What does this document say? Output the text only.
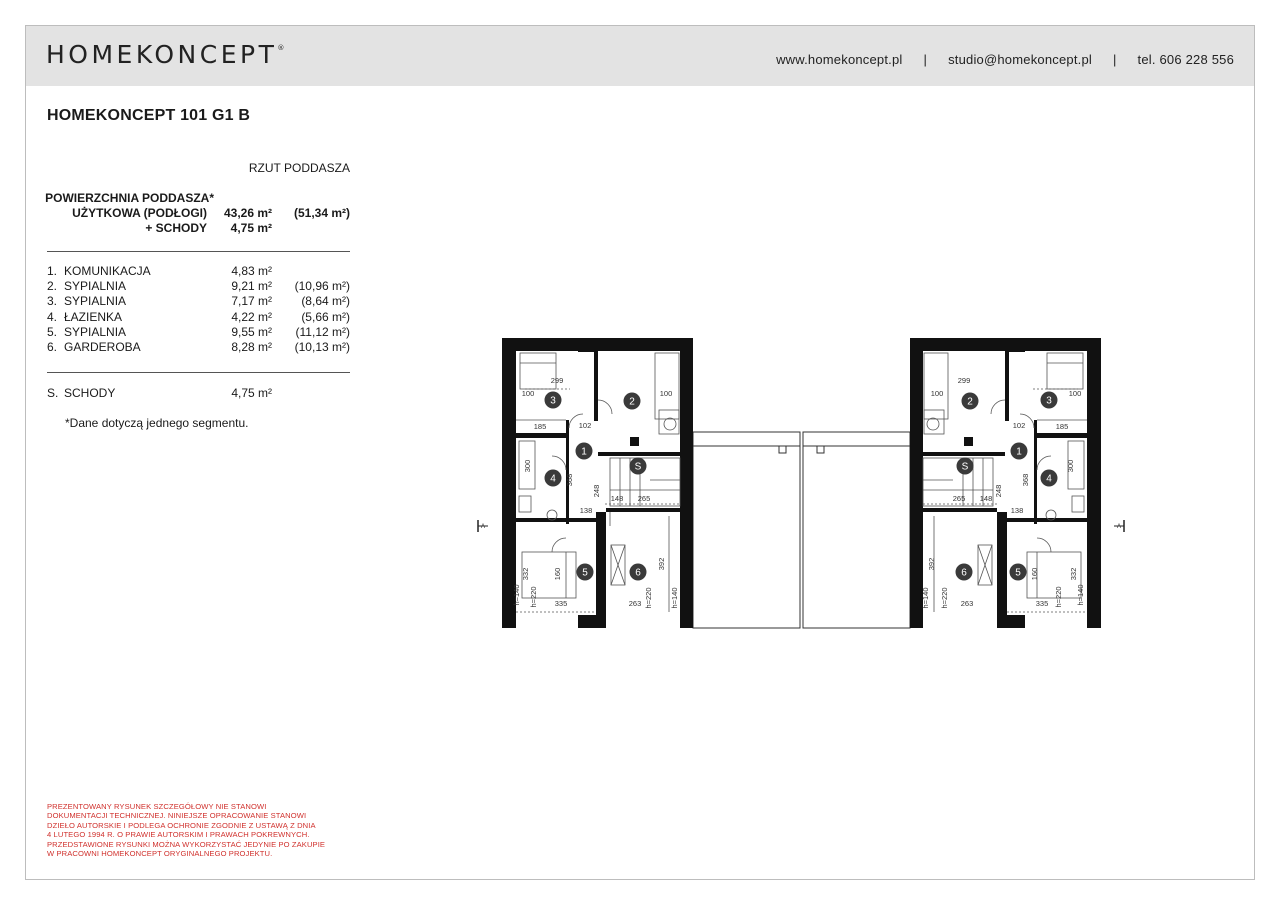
HOMEKONCEPT®
www.homekoncept.pl | studio@homekoncept.pl | tel. 606 228 556
HOMEKONCEPT 101 G1 B
RZUT PODDASZA
POWIERZCHNIA PODDASZA*
UŻYTKOWA (PODŁOGI) 43,26 m² (51,34 m²)
+ SCHODY 4,75 m²
1. KOMUNIKACJA	4,83 m²
2. SYPIALNIA	9,21 m² (10,96 m²)
3. SYPIALNIA	7,17 m² (8,64 m²)
4. ŁAZIENKA	4,22 m² (5,66 m²)
5. SYPIALNIA	9,55 m² (11,12 m²)
6. GARDEROBA	8,28 m² (10,13 m²)
S. SCHODY	4,75 m²
*Dane dotyczą jednego segmentu.
PREZENTOWANY RYSUNEK SZCZEGÓŁOWY NIE STANOWI
DOKUMENTACJI TECHNICZNEJ. NINIEJSZE OPRACOWANIE STANOWI
DZIEŁO AUTORSKIE I PODLEGA OCHRONIE ZGODNIE Z USTAWĄ Z DNIA
4 LUTEGO 1994 R. O PRAWIE AUTORSKIM I PRAWACH POKREWNYCH.
PRZEDSTAWIONE RYSUNKI MOŻNA WYKORZYSTAĆ JEDYNIE PO ZAKUPIE
W PRACOWNI HOMEKONCEPT ORYGINALNEGO PROJEKTU.
1
2
3
4
5	6
S
1
2	3
4
5
6
S
299
100
185	102
248
265
148
138
368
300
332
335	263
392
160
h=140 h=220	h=220 h=140
100
299
100
185
102
248
265 148
138
368
300
332
335
263
392
160
h=140
h=220
h=220
h=140
100
A	A
